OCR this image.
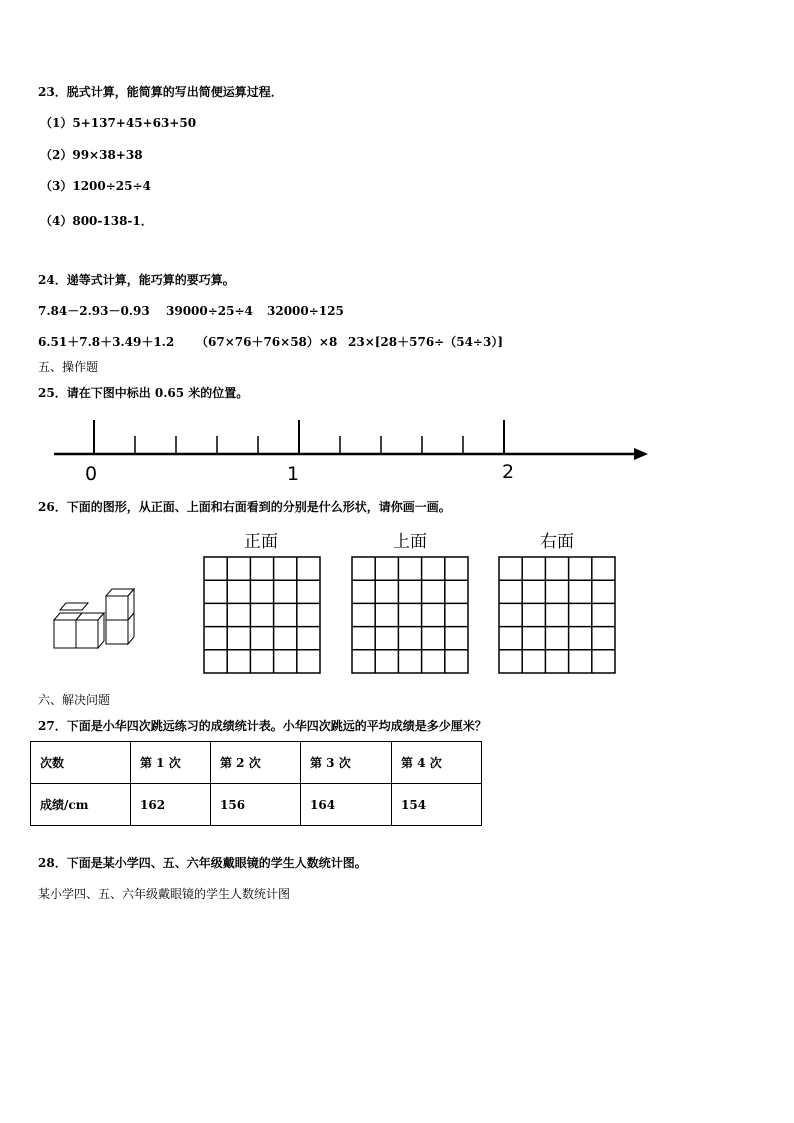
23．脱式计算，能简算的写出简便运算过程．
（1）5+137+45+63+50
（2）99×38+38
（3）1200÷25÷4
（4）800-138-1．
24．递等式计算，能巧算的要巧算。
7.84－2.93－0.93 39000÷25÷4 32000÷125
6.51＋7.8＋3.49＋1.2 （67×76＋76×58）×8 23×[28＋576÷（54÷3）]
五、操作题
25．请在下图中标出 0.65 米的位置。
0	1	2
26．下面的图形，从正面、上面和右面看到的分别是什么形状，请你画一画。
正面	上面	右面
六、解决问题
27．下面是小华四次跳远练习的成绩统计表。小华四次跳远的平均成绩是多少厘米？
次数	第 1 次	第 2 次	第 3 次	第 4 次
成绩/cm	162	156	164	154
28．下面是某小学四、五、六年级戴眼镜的学生人数统计图。
某小学四、五、六年级戴眼镜的学生人数统计图
